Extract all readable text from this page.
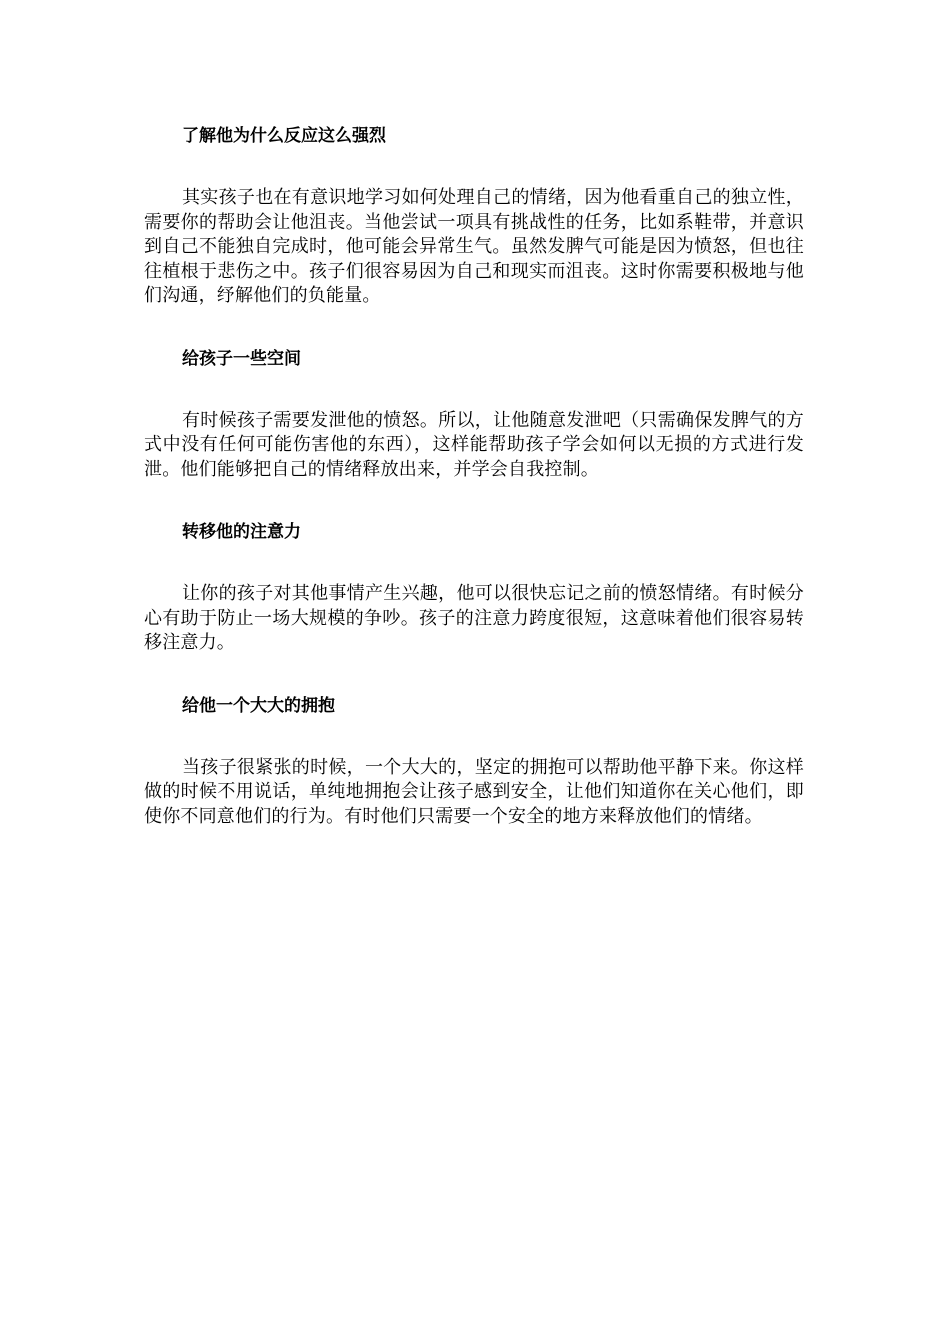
了解他为什么反应这么强烈

其实孩子也在有意识地学习如何处理自己的情绪，因为他看重自己的独立性，需要你的帮助会让他沮丧。当他尝试一项具有挑战性的任务，比如系鞋带，并意识到自己不能独自完成时，他可能会异常生气。虽然发脾气可能是因为愤怒，但也往往植根于悲伤之中。孩子们很容易因为自己和现实而沮丧。这时你需要积极地与他们沟通，纾解他们的负能量。

给孩子一些空间

有时候孩子需要发泄他的愤怒。所以，让他随意发泄吧（只需确保发脾气的方式中没有任何可能伤害他的东西），这样能帮助孩子学会如何以无损的方式进行发泄。他们能够把自己的情绪释放出来，并学会自我控制。

转移他的注意力

让你的孩子对其他事情产生兴趣，他可以很快忘记之前的愤怒情绪。有时候分心有助于防止一场大规模的争吵。孩子的注意力跨度很短，这意味着他们很容易转移注意力。

给他一个大大的拥抱

当孩子很紧张的时候，一个大大的，坚定的拥抱可以帮助他平静下来。你这样做的时候不用说话，单纯地拥抱会让孩子感到安全，让他们知道你在关心他们，即使你不同意他们的行为。有时他们只需要一个安全的地方来释放他们的情绪。
